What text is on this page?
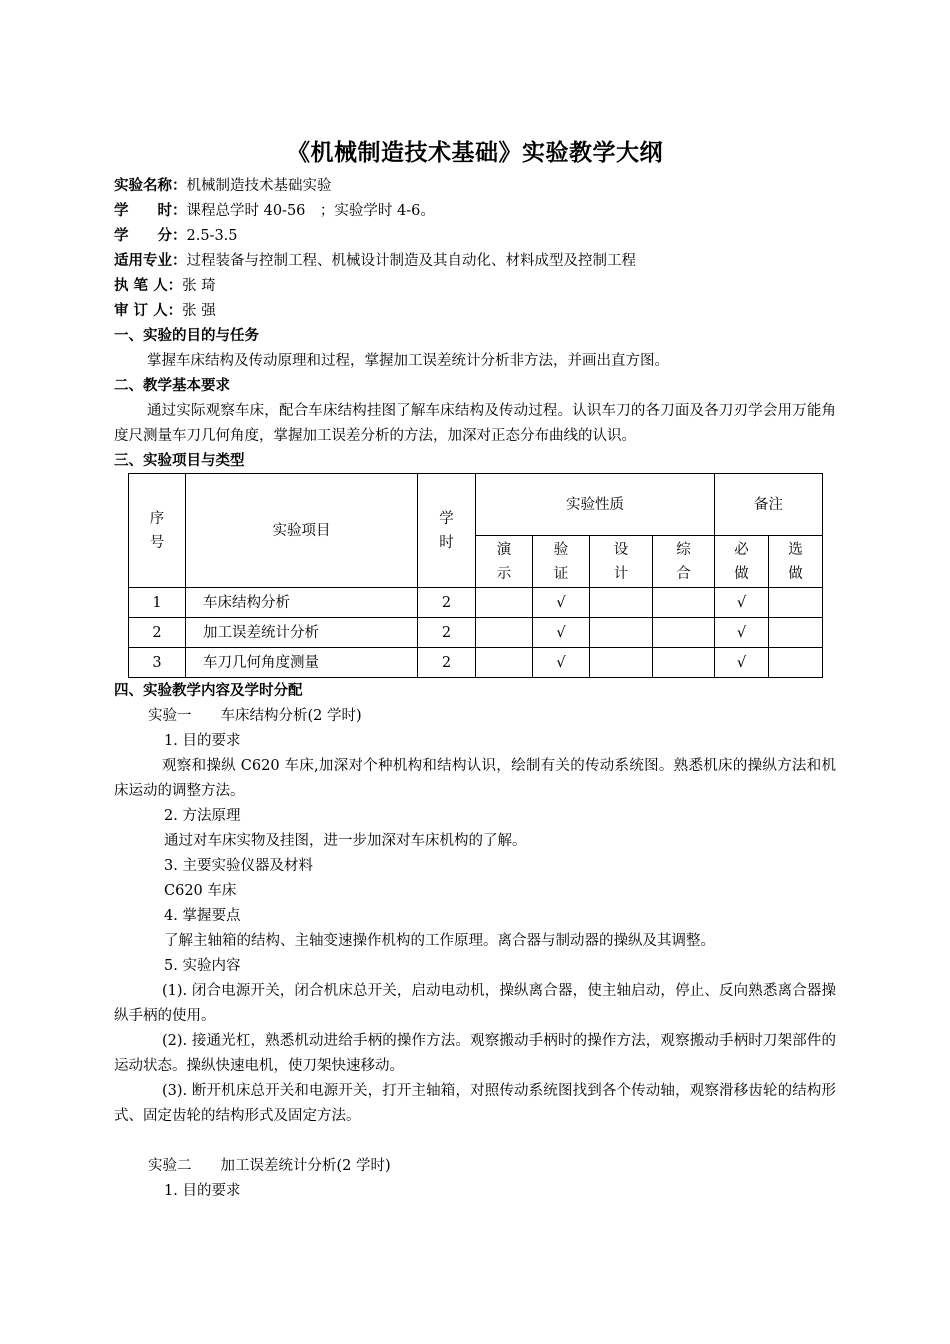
《机械制造技术基础》实验教学大纲
实验名称：机械制造技术基础实验
学　　时：课程总学时 40-56　；实验学时 4-6。
学　　分：2.5-3.5
适用专业：过程装备与控制工程、机械设计制造及其自动化、材料成型及控制工程
执 笔 人：张 琦
审 订 人：张 强
一、实验的目的与任务
掌握车床结构及传动原理和过程，掌握加工误差统计分析非方法，并画出直方图。
二、教学基本要求
通过实际观察车床，配合车床结构挂图了解车床结构及传动过程。认识车刀的各刀面及各刀刃学会用万能角度尺测量车刀几何角度，掌握加工误差分析的方法，加深对正态分布曲线的认识。
三、实验项目与类型
序号	实验项目	学时	实验性质				备注	
			演示	验证	设计	综合	必做	选做
1	车床结构分析	2		√			√	
2	加工误差统计分析	2		√			√	
3	车刀几何角度测量	2		√			√	
四、实验教学内容及学时分配
实验一　　车床结构分析(2 学时)
1. 目的要求
观察和操纵 C620 车床,加深对个种机构和结构认识，绘制有关的传动系统图。熟悉机床的操纵方法和机床运动的调整方法。
2. 方法原理
通过对车床实物及挂图，进一步加深对车床机构的了解。
3. 主要实验仪器及材料
C620 车床
4. 掌握要点
了解主轴箱的结构、主轴变速操作机构的工作原理。离合器与制动器的操纵及其调整。
5. 实验内容
(1). 闭合电源开关，闭合机床总开关，启动电动机，操纵离合器，使主轴启动，停止、反向熟悉离合器操纵手柄的使用。
(2). 接通光杠，熟悉机动进给手柄的操作方法。观察搬动手柄时的操作方法，观察搬动手柄时刀架部件的运动状态。操纵快速电机，使刀架快速移动。
(3). 断开机床总开关和电源开关，打开主轴箱，对照传动系统图找到各个传动轴，观察滑移齿轮的结构形式、固定齿轮的结构形式及固定方法。
实验二　　加工误差统计分析(2 学时)
1. 目的要求
